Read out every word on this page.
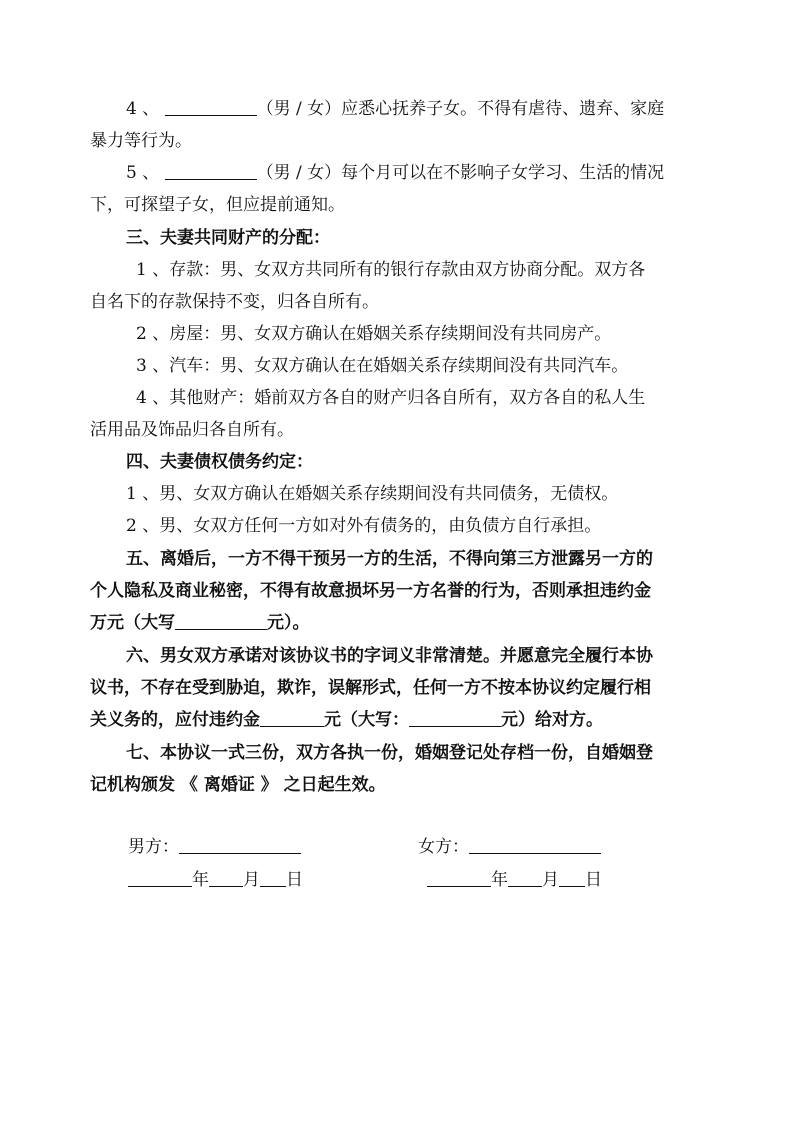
4 、	（男 / 女）应悉心抚养子女。不得有虐待、遗弃、家庭
暴力等行为。
5 、	（男 / 女）每个月可以在不影响子女学习、生活的情况
下，可探望子女，但应提前通知。
三、夫妻共同财产的分配：
1 、存款：男、女双方共同所有的银行存款由双方协商分配。双方各
自名下的存款保持不变，归各自所有。
2 、房屋：男、女双方确认在婚姻关系存续期间没有共同房产。
3 、汽车：男、女双方确认在在婚姻关系存续期间没有共同汽车。
4 、其他财产：婚前双方各自的财产归各自所有，双方各自的私人生
活用品及饰品归各自所有。
四、夫妻债权债务约定：
1 、男、女双方确认在婚姻关系存续期间没有共同债务，无债权。
2 、男、女双方任何一方如对外有债务的，由负债方自行承担。
五、离婚后，一方不得干预另一方的生活，不得向第三方泄露另一方的
个人隐私及商业秘密，不得有故意损坏另一方名誉的行为，否则承担违约金
万元（大写	元）。
六、男女双方承诺对该协议书的字词义非常清楚。并愿意完全履行本协
议书，不存在受到胁迫，欺诈，误解形式，任何一方不按本协议约定履行相
关义务的，应付违约金	元（大写：	元）给对方。
七、本协议一式三份，双方各执一份，婚姻登记处存档一份，自婚姻登
记机构颁发 《 离婚证 》 之日起生效。
男方：	女方：
年 月 日	年 月 日
